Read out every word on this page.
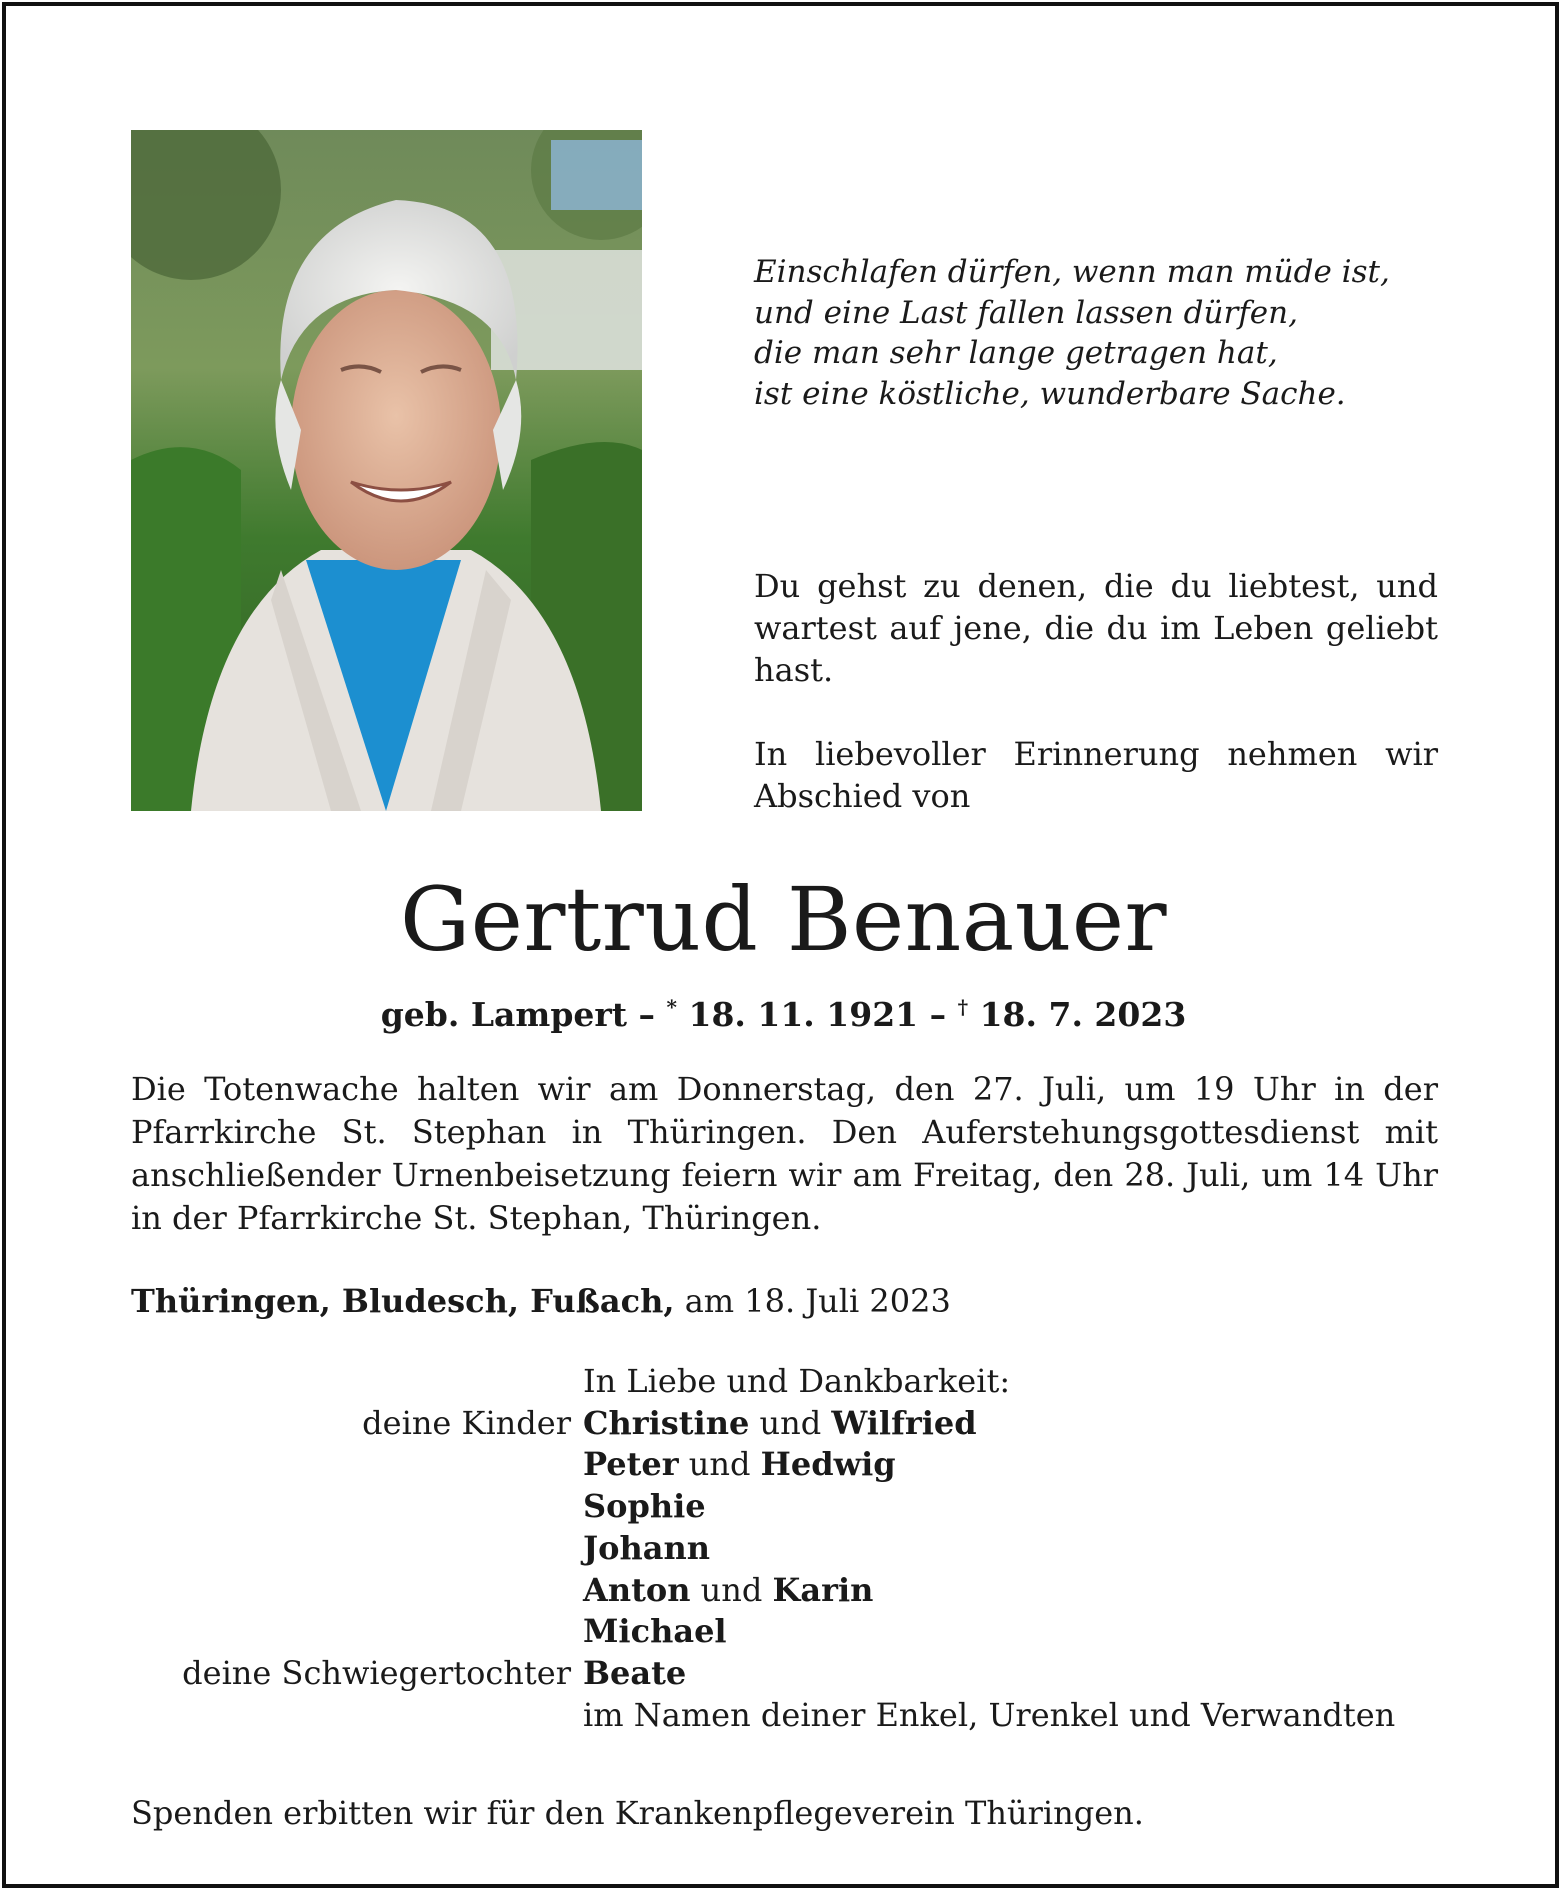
Einschlafen dürfen, wenn man müde ist,
und eine Last fallen lassen dürfen,
die man sehr lange getragen hat,
ist eine köstliche, wunderbare Sache.
Du gehst zu denen, die du liebtest, und wartest auf jene, die du im Leben geliebt hast.
In liebevoller Erinnerung nehmen wir Abschied von
Gertrud Benauer
geb. Lampert – * 18. 11. 1921 – † 18. 7. 2023
Die Totenwache halten wir am Donnerstag, den 27. Juli, um 19 Uhr in der Pfarrkirche St. Stephan in Thüringen. Den Auferstehungsgottesdienst mit anschließender Urnenbeisetzung feiern wir am Freitag, den 28. Juli, um 14 Uhr in der Pfarrkirche St. Stephan, Thüringen.
Thüringen, Bludesch, Fußach, am 18. Juli 2023
In Liebe und Dankbarkeit:
deine Kinder Christine und Wilfried
Peter und Hedwig
Sophie
Johann
Anton und Karin
Michael
deine Schwiegertochter Beate
im Namen deiner Enkel, Urenkel und Verwandten
Spenden erbitten wir für den Krankenpflegeverein Thüringen.
